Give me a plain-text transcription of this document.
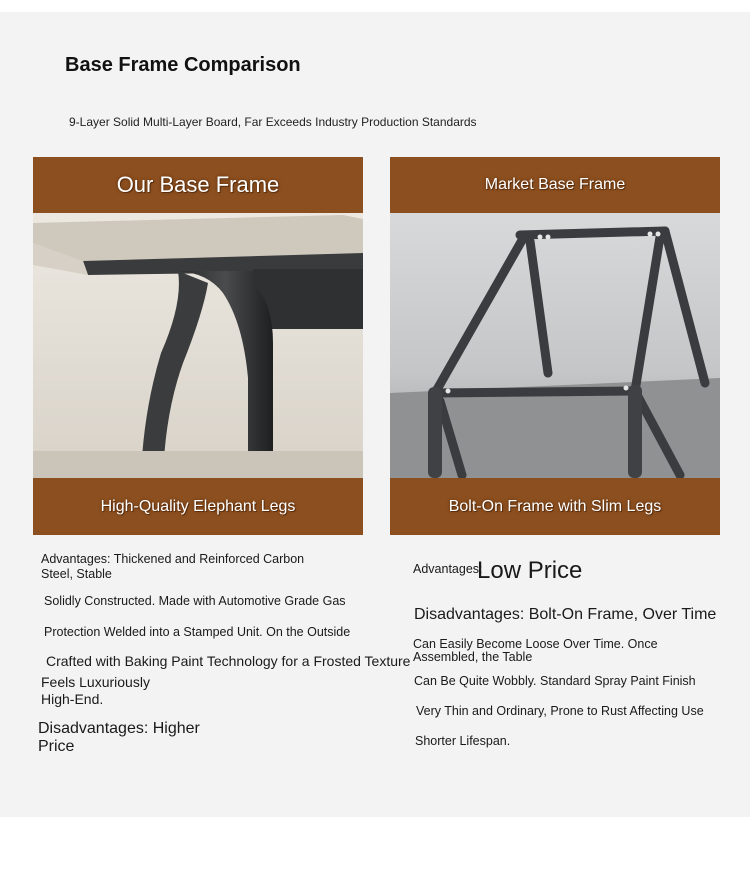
Base Frame Comparison
9-Layer Solid Multi-Layer Board, Far Exceeds Industry Production Standards
Our Base Frame
High-Quality Elephant Legs
Market Base Frame
Bolt-On Frame with Slim Legs
Advantages: Thickened and Reinforced Carbon
Steel, Stable
Solidly Constructed. Made with Automotive Grade Gas
Protection Welded into a Stamped Unit. On the Outside
Crafted with Baking Paint Technology for a Frosted Texture
Feels Luxuriously
High-End.
Disadvantages: Higher
Price
Advantages:
Low Price
Disadvantages: Bolt-On Frame, Over Time
Can Easily Become Loose Over Time. Once
Assembled, the Table
Can Be Quite Wobbly. Standard Spray Paint Finish
Very Thin and Ordinary, Prone to Rust Affecting Use
Shorter Lifespan.
